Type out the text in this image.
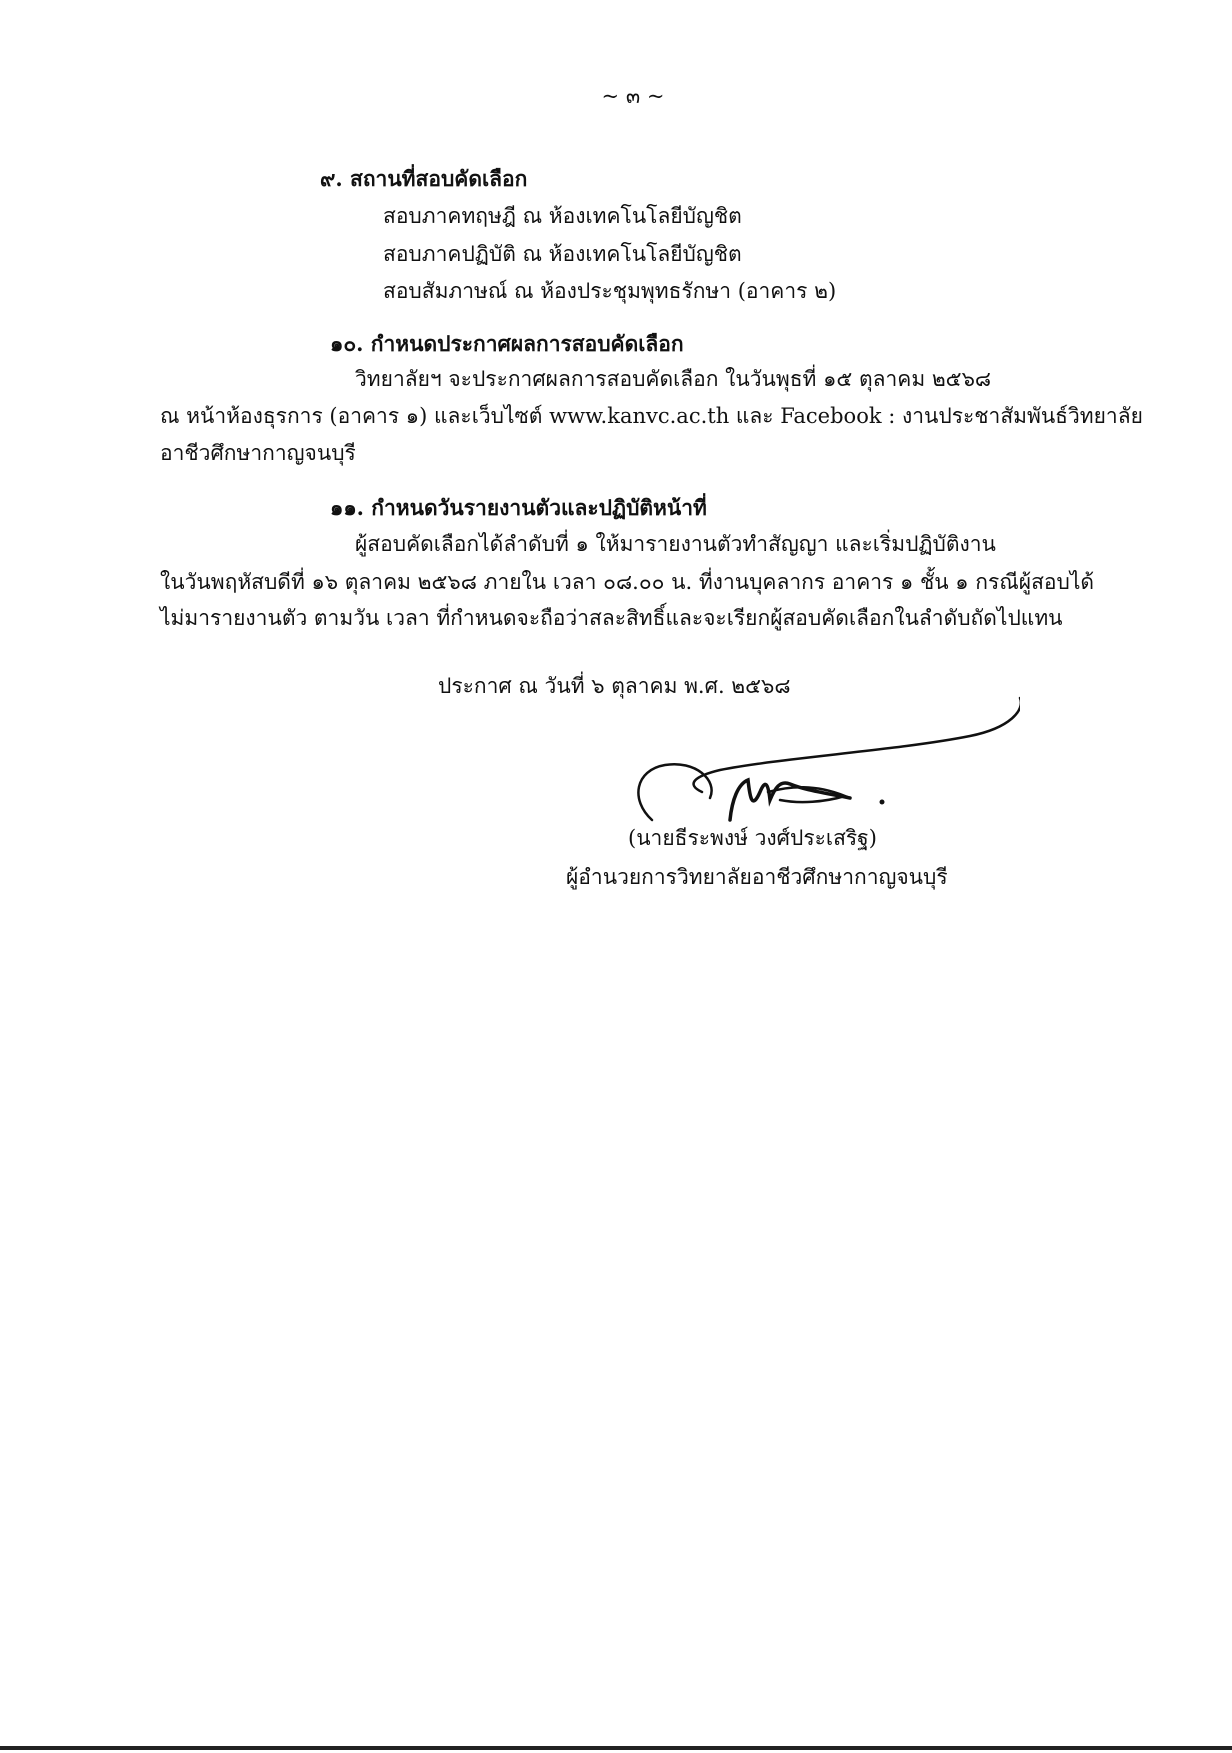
~ ๓ ~
๙. สถานที่สอบคัดเลือก
สอบภาคทฤษฎี ณ ห้องเทคโนโลยีบัญชิต
สอบภาคปฏิบัติ ณ ห้องเทคโนโลยีบัญชิต
สอบสัมภาษณ์ ณ ห้องประชุมพุทธรักษา (อาคาร ๒)
๑๐. กำหนดประกาศผลการสอบคัดเลือก
วิทยาลัยฯ จะประกาศผลการสอบคัดเลือก ในวันพุธที่ ๑๕ ตุลาคม ๒๕๖๘
ณ หน้าห้องธุรการ (อาคาร ๑) และเว็บไซต์ www.kanvc.ac.th และ Facebook : งานประชาสัมพันธ์วิทยาลัย
อาชีวศึกษากาญจนบุรี
๑๑. กำหนดวันรายงานตัวและปฏิบัติหน้าที่
ผู้สอบคัดเลือกได้ลำดับที่ ๑ ให้มารายงานตัวทำสัญญา และเริ่มปฏิบัติงาน
ในวันพฤหัสบดีที่ ๑๖ ตุลาคม ๒๕๖๘ ภายใน เวลา ๐๘.๐๐ น. ที่งานบุคลากร อาคาร ๑ ชั้น ๑ กรณีผู้สอบได้
ไม่มารายงานตัว ตามวัน เวลา ที่กำหนดจะถือว่าสละสิทธิ์และจะเรียกผู้สอบคัดเลือกในลำดับถัดไปแทน
ประกาศ ณ วันที่ ๖ ตุลาคม พ.ศ. ๒๕๖๘
(นายธีระพงษ์ วงศ์ประเสริฐ)
ผู้อำนวยการวิทยาลัยอาชีวศึกษากาญจนบุรี
